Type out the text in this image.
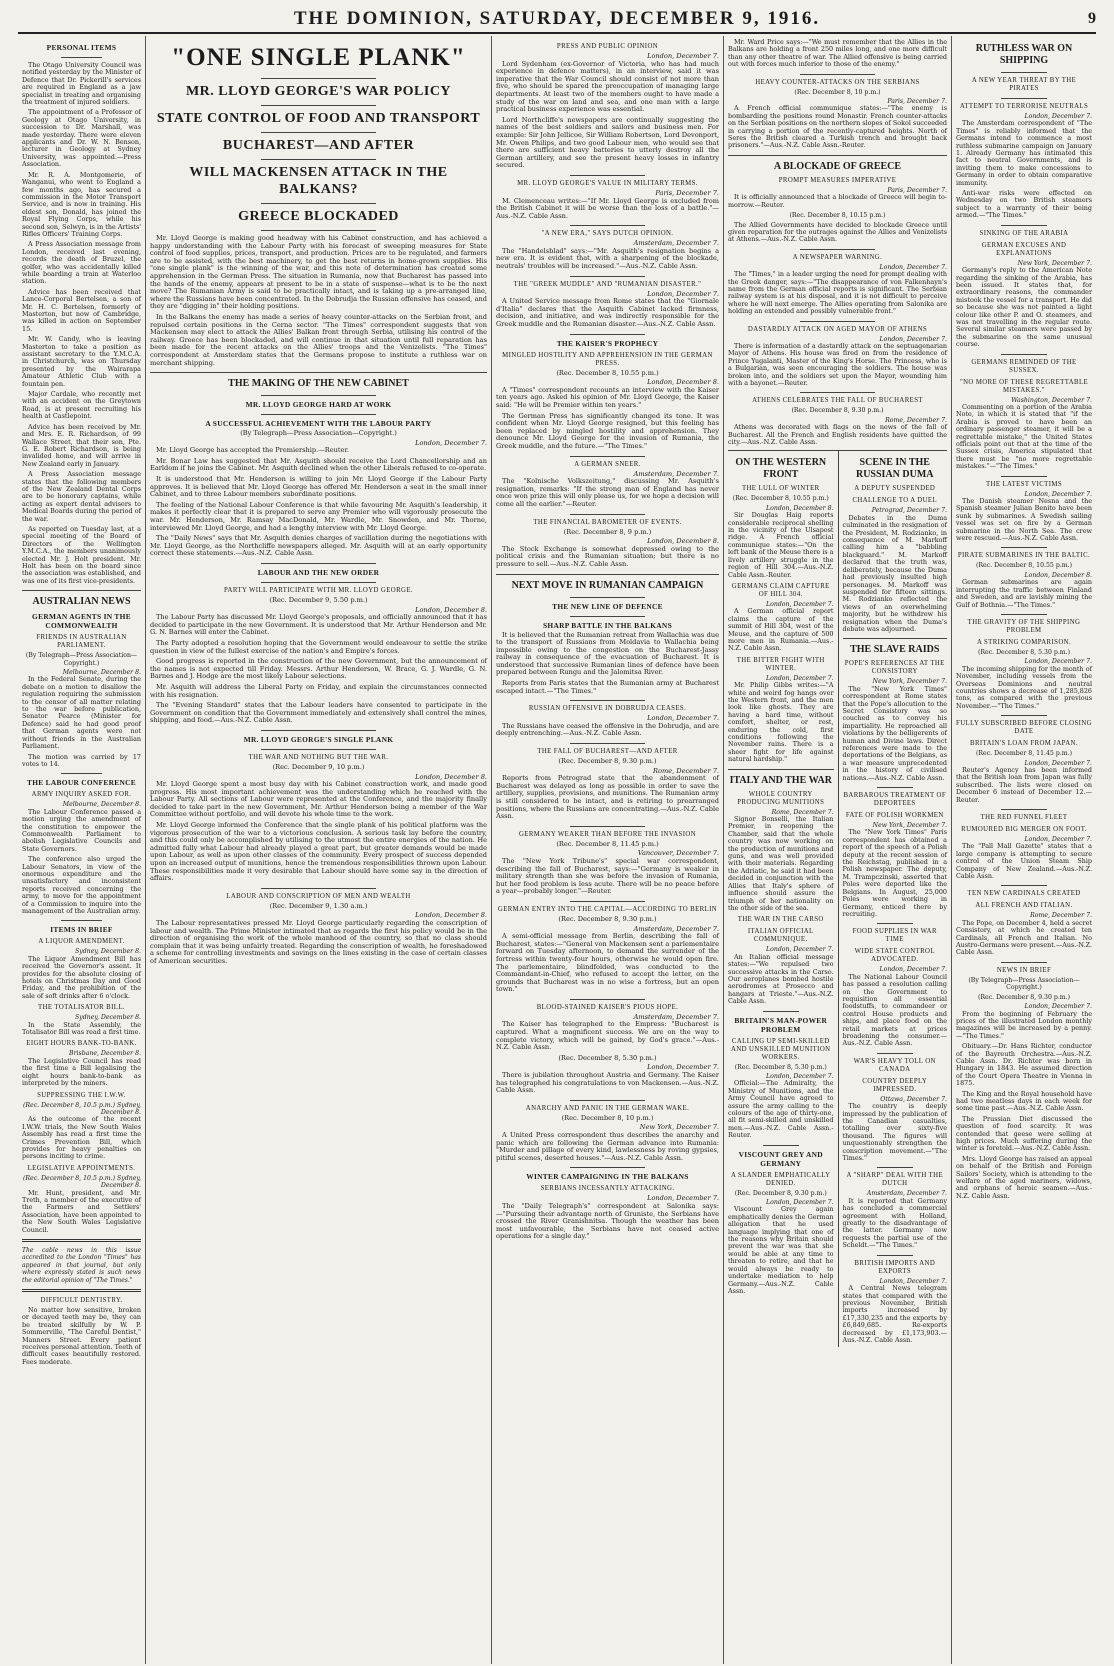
THE DOMINION, SATURDAY, DECEMBER 9, 1916.	9
PERSONAL ITEMS

The Otago University Council was notified yesterday by the Minister of Defence that Dr. Pickerill's services are required in England as a jaw specialist in treating and organising the treatment of injured soldiers.

The appointment of a Professor of Geology at Otago University, in succession to Dr. Marshall, was made yesterday. There were eleven applicants and Dr. W. N. Benson, lecturer in Geology at Sydney University, was appointed.—Press Association.

Mr. R. A. Montgomerie, of Wanganui, who went to England a few months ago, has secured a commission in the Motor Transport Service, and is now in training. His eldest son, Donald, has joined the Royal Flying Corps, while his second son, Selwyn, is in the Artists' Rifles Officers' Training Corps.

A Press Association message from London, received last evening, records the death of Bruzel, the golfer, who was accidentally killed while boarding a train at Waterloo station.

Advice has been received that Lance-Corporal Bertelsen, a son of Mr. H. C. Bertelsen, formerly of Masterton, but now of Cambridge, was killed in action on September 15.

Mr. W. Candy, who is leaving Masterton to take a position as assistant secretary to the Y.M.C.A. in Christchurch, was on Thursday presented by the Wairarapa Amateur Athletic Club with a fountain pen.

Major Cardale, who recently met with an accident on the Greytown Road, is at present recruiting his health at Castlepoint.

Advice has been received by Mr. and Mrs. E. R. Richardson, of 99 Wallace Street, that their son, Pte. G. E. Robert Richardson, is being invalided home, and will arrive in New Zealand early in January.

A Press Association message states that the following members of the New Zealand Dental Corps are to be honorary captains, while acting as expert dental advisers to Medical Boards during the period of the war.

As reported on Tuesday last, at a special meeting of the Board of Directors of the Wellington Y.M.C.A., the members unanimously elected Mr. J. Holt president. Mr. Holt has been on the board since the association was established, and was one of its first vice-presidents.

AUSTRALIAN NEWS
GERMAN AGENTS IN THE COMMONWEALTH
FRIENDS IN AUSTRALIAN PARLIAMENT.

(By Telegraph—Press Association—Copyright.)

Melbourne, December 8.

In the Federal Senate, during the debate on a motion to disallow the regulation requiring the submission to the censor of all matter relating to the war before publication, Senator Pearce (Minister for Defence) said he had good proof that German agents were not without friends in the Australian Parliament.

The motion was carried by 17 votes to 14.

THE LABOUR CONFERENCE
ARMY INQUIRY ASKED FOR.

Melbourne, December 8.

The Labour Conference passed a motion urging the amendment of the constitution to empower the Commonwealth Parliament to abolish Legislative Councils and State Governors.

The conference also urged the Labour Senators, in view of the enormous expenditure and the unsatisfactory and inconsistent reports received concerning the army, to move for the appointment of a Commission to inquire into the management of the Australian army.

ITEMS IN BRIEF
A LIQUOR AMENDMENT.

Sydney, December 8.

The Liquor Amendment Bill has received the Governor's assent. It provides for the absolute closing of hotels on Christmas Day and Good Friday, and the prohibition of the sale of soft drinks after 6 o'clock.

THE TOTALISATOR BILL.

Sydney, December 8.

In the State Assembly, the Totalisator Bill was read a first time.

EIGHT HOURS BANK-TO-BANK.

Brisbane, December 8.

The Legislative Council has read the first time a Bill legalising the eight hours bank-to-bank as interpreted by the miners.

SUPPRESSING THE I.W.W.

(Rec. December 8, 10.5 p.m.) Sydney, December 8.

As the outcome of the recent I.W.W. trials, the New South Wales Assembly has read a first time the Crimes Prevention Bill, which provides for heavy penalties on persons inciting to crime.

LEGISLATIVE APPOINTMENTS.

(Rec. December 8, 10.5 p.m.) Sydney, December 8.

Mr. Hunt, president, and Mr. Treth, a member of the executive of the Farmers and Settlers' Association, have been appointed to the New South Wales Legislative Council.

The cable news in this issue accredited to the London "Times" has appeared in that journal, but only where expressly stated is such news the editorial opinion of "The Times."

DIFFICULT DENTISTRY.

No matter how sensitive, broken or decayed teeth may be, they can be treated skilfully by W. P. Sommerville, "The Careful Dentist," Manners Street. Every patient receives personal attention. Teeth of difficult cases beautifully restored. Fees moderate.

"ONE SINGLE PLANK"
MR. LLOYD GEORGE'S WAR POLICY
STATE CONTROL OF FOOD AND TRANSPORT
BUCHAREST—AND AFTER
WILL MACKENSEN ATTACK IN THE BALKANS?
GREECE BLOCKADED

Mr. Lloyd George is making good headway with his Cabinet construction, and has achieved a happy understanding with the Labour Party with his forecast of sweeping measures for State control of food supplies, prices, transport, and production. Prices are to be regulated, and farmers are to be assisted, with the best machinery, to get the best returns in home-grown supplies. His "one single plank" is the winning of the war, and this note of determination has created some apprehension in the German Press. The situation in Rumania, now that Bucharest has passed into the hands of the enemy, appears at present to be in a state of suspense—what is to be the next move? The Rumanian Army is said to be practically intact, and is taking up a pre-arranged line, where the Russians have been concentrated. In the Dobrudja the Russian offensive has ceased, and they are "digging in" their holding positions.

In the Balkans the enemy has made a series of heavy counter-attacks on the Serbian front, and repulsed certain positions in the Cerna sector. "The Times" correspondent suggests that von Mackensen may elect to attack the Allies' Balkan front through Serbia, utilising his control of the railway. Greece has been blockaded, and will continue in that situation until full reparation has been made for the recent attacks on the Allies' troops and the Venizelists. "The Times" correspondent at Amsterdam states that the Germans propose to institute a ruthless war on merchant shipping.

THE MAKING OF THE NEW CABINET
MR. LLOYD GEORGE HARD AT WORK
A SUCCESSFUL ACHIEVEMENT WITH THE LABOUR PARTY

(By Telegraph—Press Association—Copyright.)

London, December 7.

Mr. Lloyd George has accepted the Premiership.—Reuter.

Mr. Bonar Law has suggested that Mr. Asquith should receive the Lord Chancellorship and an Earldom if he joins the Cabinet. Mr. Asquith declined when the other Liberals refused to co-operate.

It is understood that Mr. Henderson is willing to join Mr. Lloyd George if the Labour Party approves. It is believed that Mr. Lloyd George has offered Mr. Henderson a seat in the small inner Cabinet, and to three Labour members subordinate positions.

The feeling of the National Labour Conference is that while favouring Mr. Asquith's leadership, it makes it perfectly clear that it is prepared to serve any Premier who will vigorously prosecute the war. Mr. Henderson, Mr. Ramsay MacDonald, Mr. Wardle, Mr. Snowden, and Mr. Thorne, interviewed Mr. Lloyd George, and had a lengthy interview with Mr. Lloyd George.

The "Daily News" says that Mr. Asquith denies charges of vacillation during the negotiations with Mr. Lloyd George, as the Northcliffe newspapers alleged. Mr. Asquith will at an early opportunity correct these statements.—Aus.-N.Z. Cable Assn.

LABOUR AND THE NEW ORDER
PARTY WILL PARTICIPATE WITH MR. LLOYD GEORGE.

(Rec. December 9, 5.50 p.m.)

London, December 8.

The Labour Party has discussed Mr. Lloyd George's proposals, and officially announced that it has decided to participate in the new Government. It is understood that Mr. Arthur Henderson and Mr. G. N. Barnes will enter the Cabinet.

The Party adopted a resolution hoping that the Government would endeavour to settle the strike question in view of the fullest exercise of the nation's and Empire's forces.

Good progress is reported in the construction of the new Government, but the announcement of the names is not expected till Friday. Messrs. Arthur Henderson, W. Brace, G. J. Wardle, G. N. Barnes and J. Hodge are the most likely Labour selections.

Mr. Asquith will address the Liberal Party on Friday, and explain the circumstances connected with his resignation.

The "Evening Standard" states that the Labour leaders have consented to participate in the Government on condition that the Government immediately and extensively shall control the mines, shipping, and food.—Aus.-N.Z. Cable Assn.

MR. LLOYD GEORGE'S SINGLE PLANK
THE WAR AND NOTHING BUT THE WAR.

(Rec. December 9, 10 p.m.)

London, December 8.

Mr. Lloyd George spent a most busy day with his Cabinet construction work, and made good progress. His most important achievement was the understanding which he reached with the Labour Party. All sections of Labour were represented at the Conference, and the majority finally decided to take part in the new Government, Mr. Arthur Henderson being a member of the War Committee without portfolio, and will devote his whole time to the work.

Mr. Lloyd George informed the Conference that the single plank of his political platform was the vigorous prosecution of the war to a victorious conclusion. A serious task lay before the country, and this could only be accomplished by utilising to the utmost the entire energies of the nation. He admitted fully what Labour had already played a great part, but greater demands would be made upon Labour, as well as upon other classes of the community. Every prospect of success depended upon an increased output of munitions, hence the tremendous responsibilities thrown upon Labour. These responsibilities made it very desirable that Labour should have some say in the direction of affairs.

LABOUR AND CONSCRIPTION OF MEN AND WEALTH

(Rec. December 9, 1.30 a.m.)

London, December 8.

The Labour representatives pressed Mr. Lloyd George particularly regarding the conscription of labour and wealth. The Prime Minister intimated that as regards the first his policy would be in the direction of organising the work of the whole manhood of the country, so that no class should complain that it was being unfairly treated. Regarding the conscription of wealth, he foreshadowed a scheme for controlling investments and savings on the lines existing in the case of certain classes of American securities.

PRESS AND PUBLIC OPINION

London, December 7.

Lord Sydenham (ex-Governor of Victoria, who has had much experience in defence matters), in an interview, said it was imperative that the War Council should consist of not more than five, who should be spared the preoccupation of managing large departments. At least two of the members ought to have made a study of the war on land and sea, and one man with a large practical business experience was essential.

Lord Northcliffe's newspapers are continually suggesting the names of the best soldiers and sailors and business men. For example: Sir John Jellicoe, Sir William Robertson, Lord Devonport, Mr. Owen Philips, and two good Labour men, who would see that there are sufficient heavy batteries to utterly destroy all the German artillery, and see the present heavy losses in infantry secured.

MR. LLOYD GEORGE'S VALUE IN MILITARY TERMS.

Paris, December 7.

M. Clemenceau writes:—"If Mr. Lloyd George is excluded from the British Cabinet it will be worse than the loss of a battle."—Aus.-N.Z. Cable Assn.

"A NEW ERA," SAYS DUTCH OPINION.

Amsterdam, December 7.

The "Handelsblad" says:—"Mr. Asquith's resignation begins a new era. It is evident that, with a sharpening of the blockade, neutrals' troubles will be increased."—Aus.-N.Z. Cable Assn.

THE "GREEK MUDDLE" AND "RUMANIAN DISASTER."

London, December 7.

A United Service message from Rome states that the "Giornale d'Italia" declares that the Asquith Cabinet lacked firmness, decision, and initiative, and was indirectly responsible for the Greek muddle and the Rumanian disaster.—Aus.-N.Z. Cable Assn.

THE KAISER'S PROPHECY
MINGLED HOSTILITY AND APPREHENSION IN THE GERMAN PRESS.

(Rec. December 8, 10.55 p.m.)

London, December 8.

A "Times" correspondent recounts an interview with the Kaiser ten years ago. Asked his opinion of Mr. Lloyd George, the Kaiser said: "He will be Premier within ten years."

The German Press has significantly changed its tone. It was confident when Mr. Lloyd George resigned, but this feeling has been replaced by mingled hostility and apprehension. They denounce Mr. Lloyd George for the invasion of Rumania, the Greek muddle, and the future.—"The Times."

A GERMAN SNEER.

Amsterdam, December 7.

The "Kolnische Volkszeitung," discussing Mr. Asquith's resignation, remarks: "If the strong man of England has never once won prize this will only please us, for we hope a decision will come all the earlier."—Reuter.

THE FINANCIAL BAROMETER OF EVENTS.

(Rec. December 8, 9 p.m.)

London, December 8.

The Stock Exchange is somewhat depressed owing to the political crisis and the Rumanian situation; but there is no pressure to sell.—Aus.-N.Z. Cable Assn.

NEXT MOVE IN RUMANIAN CAMPAIGN
THE NEW LINE OF DEFENCE
SHARP BATTLE IN THE BALKANS

It is believed that the Rumanian retreat from Wallachia was due to the transport of Russians from Moldavia to Wallachia being impossible owing to the congestion on the Bucharest-Jassy railway in consequence of the evacuation of Bucharest. It is understood that successive Rumanian lines of defence have been prepared between Rungu and the Jalomitsa River.

Reports from Paris states that the Rumanian army at Bucharest escaped intact.—"The Times."

RUSSIAN OFFENSIVE IN DOBRUDJA CEASES.

London, December 7.

The Russians have ceased the offensive in the Dobrudja, and are deeply entrenching.—Aus.-N.Z. Cable Assn.

THE FALL OF BUCHAREST—AND AFTER

(Rec. December 8, 9.30 p.m.)

Rome, December 7.

Reports from Petrograd state that the abandonment of Bucharest was delayed as long as possible in order to save the artillery, supplies, provisions, and munitions. The Rumanian army is still considered to be intact, and is retiring to prearranged positions, where the Russians are concentrating.—Aus.-N.Z. Cable Assn.

GERMANY WEAKER THAN BEFORE THE INVASION

(Rec. December 8, 11.45 p.m.)

Vancouver, December 7.

The "New York Tribune's" special war correspondent, describing the fall of Bucharest, says:—"Germany is weaker in military strength than she was before the invasion of Rumania, but her food problem is less acute. There will be no peace before a year—probably longer."—Reuter.

GERMAN ENTRY INTO THE CAPITAL—ACCORDING TO BERLIN

(Rec. December 8, 9.30 p.m.)

Amsterdam, December 7.

A semi-official message from Berlin, describing the fall of Bucharest, states:—"General von Mackensen sent a parlementaire forward on Tuesday afternoon, to demand the surrender of the fortress within twenty-four hours, otherwise he would open fire. The parlementaire, blindfolded, was conducted to the Commandant-in-Chief, who refused to accept the letter, on the grounds that Bucharest was in no wise a fortress, but an open town."

BLOOD-STAINED KAISER'S PIOUS HOPE.

Amsterdam, December 7.

The Kaiser has telegraphed to the Empress: "Bucharest is captured. What a magnificent success. We are on the way to complete victory, which will be gained, by God's grace."—Aus.-N.Z. Cable Assn.

(Rec. December 8, 5.30 p.m.)

London, December 7.

There is jubilation throughout Austria and Germany. The Kaiser has telegraphed his congratulations to von Mackensen.—Aus.-N.Z. Cable Assn.

ANARCHY AND PANIC IN THE GERMAN WAKE.

(Rec. December 8, 10 p.m.)

New York, December 7.

A United Press correspondent thus describes the anarchy and panic which are following the German advance into Rumania: "Murder and pillage of every kind, lawlessness by roving gypsies, pitiful scenes, deserted houses."—Aus.-N.Z. Cable Assn.

WINTER CAMPAIGNING IN THE BALKANS
SERBIANS INCESSANTLY ATTACKING.

London, December 7.

The "Daily Telegraph's" correspondent at Salonika says:—"Pursuing their advantage north of Gruniste, the Serbians have crossed the River Granishnitsa. Though the weather has been most unfavourable, the Serbians have not ceased active operations for a single day."

Mr. Ward Price says:—"We must remember that the Allies in the Balkans are holding a front 250 miles long, and one more difficult than any other theatre of war. The Allied offensive is being carried out with forces much inferior to those of the enemy."

HEAVY COUNTER-ATTACKS ON THE SERBIANS

(Rec. December 8, 10 p.m.)

Paris, December 7.

A French official communique states:—"The enemy is bombarding the positions round Monastir. French counter-attacks on the Serbian positions on the northern slopes of Sokol succeeded in carrying a portion of the recently-captured heights. North of Seres the British cleared a Turkish trench and brought back prisoners."—Aus.-N.Z. Cable Assn.-Reuter.

A BLOCKADE OF GREECE
PROMPT MEASURES IMPERATIVE

Paris, December 7.

It is officially announced that a blockade of Greece will begin to-morrow.—Reuter.

(Rec. December 8, 10.15 p.m.)

The Allied Governments have decided to blockade Greece until given reparation for the outrages against the Allies and Venizelists at Athens.—Aus.-N.Z. Cable Assn.

A NEWSPAPER WARNING.

London, December 7.

The "Times," in a leader urging the need for prompt dealing with the Greek danger, says:—"The disappearance of von Falkenhayn's name from the German official reports is significant. The Serbian railway system is at his disposal, and it is not difficult to perceive where he will next emerge. The Allies operating from Salonika are holding an extended and possibly vulnerable front."

DASTARDLY ATTACK ON AGED MAYOR OF ATHENS

London, December 7.

There is information of a dastardly attack on the septuagenarian Mayor of Athens. His house was fired on from the residence of Prince Yugalanti, Master of the King's Horse. The Princess, who is a Bulgarian, was seen encouraging the soldiers. The house was broken into, and the soldiers set upon the Mayor, wounding him with a bayonet.—Reuter.

ATHENS CELEBRATES THE FALL OF BUCHAREST

(Rec. December 8, 9.30 p.m.)

Rome, December 7.

Athens was decorated with flags on the news of the fall of Bucharest. All the French and English residents have quitted the city.—Aus.-N.Z. Cable Assn.

ON THE WESTERN FRONT
THE LULL OF WINTER

(Rec. December 8, 10.55 p.m.)

London, December 8.

Sir Douglas Haig reports considerable reciprocal shelling in the vicinity of the Ulsapost ridge. A French official communique states:—"On the left bank of the Meuse there is a lively artillery struggle in the region of Hill 304.—Aus.-N.Z. Cable Assn.-Reuter.

GERMANS CLAIM CAPTURE OF HILL 304.

London, December 7.

A German official report claims the capture of the summit of Hill 304, west of the Meuse, and the capture of 500 more men in Rumania.—Aus.-N.Z. Cable Assn.

THE BITTER FIGHT WITH WINTER.

London, December 7.

Mr. Philip Gibbs writes:—"A white and weird fog hangs over the Western front, and the men look like ghosts. They are having a hard time, without comfort, shelter, or rest, enduring the cold, first conditions following the November rains. There is a sheer fight for life against natural hardship."

ITALY AND THE WAR
WHOLE COUNTRY PRODUCING MUNITIONS

Rome, December 7.

Signor Bonselli, the Italian Premier, in reopening the Chamber, said that the whole country was now working on the production of munitions and guns, and was well provided with their materials. Regarding the Adriatic, he said it had been decided in conjunction with the Allies that Italy's sphere of influence should assure the triumph of her nationality on the other side of the sea.

THE WAR IN THE CARSO
ITALIAN OFFICIAL COMMUNIQUE.

London, December 7.

An Italian official message states:—"We repulsed two successive attacks in the Carso. Our aeroplanes bombed hostile aerodromes at Prosecco and hangars at Trieste."—Aus.-N.Z. Cable Assn.

BRITAIN'S MAN-POWER PROBLEM
CALLING UP SEMI-SKILLED AND UNSKILLED MUNITION WORKERS.

(Rec. December 8, 5.30 p.m.)

London, December 7.

Official:—The Admiralty, the Ministry of Munitions, and the Army Council have agreed to assure the army calling to the colours of the age of thirty-one, all fit semi-skilled and unskilled men.—Aus.-N.Z. Cable Assn.-Reuter.

VISCOUNT GREY AND GERMANY
A SLANDER EMPHATICALLY DENIED.

(Rec. December 8, 9.30 p.m.)

London, December 7.

Viscount Grey again emphatically denies the German allegation that he used language implying that one of the reasons why Britain should prevent the war was that she would be able at any time to threaten to retire, and that he would always be ready to undertake mediation to help Germany.—Aus.-N.Z. Cable Assn.

SCENE IN THE RUSSIAN DUMA
A DEPUTY SUSPENDED
CHALLENGE TO A DUEL

Petrograd, December 7.

Debates in the Duma culminated in the resignation of the President, M. Rodzianko, in consequence of M. Markoff calling him a "babbling blackguard." M. Markoff declared that the truth was, deliberately, because the Duma had previously insulted high personages. M. Markoff was suspended for fifteen sittings. M. Rodzianko reflected the views of an overwhelming majority, but he withdrew his resignation when the Duma's debate was adjourned.

THE SLAVE RAIDS
POPE'S REFERENCES AT THE CONSISTORY

New York, December 7.

The "New York Times" correspondent at Rome states that the Pope's allocution to the Secret Consistory was so couched as to convey his impartiality. He reproached all violations by the belligerents of human and Divine laws. Direct references were made to the deportations of the Belgians, as a war measure unprecedented in the history of civilised nations.—Aus.-N.Z. Cable Assn.

BARBAROUS TREATMENT OF DEPORTEES
FATE OF POLISH WORKMEN

New York, December 7.

The "New York Times" Paris correspondent has obtained a report of the speech of a Polish deputy at the recent session of the Reichstag, published in a Polish newspaper. The deputy, M. Trampczinski, asserted that Poles were deported like the Belgians. In August, 25,000 Poles were working in Germany, enticed there by recruiting.

FOOD SUPPLIES IN WAR TIME
WIDE STATE CONTROL ADVOCATED.

London, December 7.

The National Labour Council has passed a resolution calling on the Government to requisition all essential foodstuffs, to commandeer or control House products and ships, and place food on the retail markets at prices broadening the consumer.—Aus.-N.Z. Cable Assn.

WAR'S HEAVY TOLL ON CANADA
COUNTRY DEEPLY IMPRESSED.

Ottawa, December 7.

The country is deeply impressed by the publication of the Canadian casualties, totalling over sixty-five thousand. The figures will unquestionably strengthen the conscription movement.—"The Times."

A "SHARP" DEAL WITH THE DUTCH

Amsterdam, December 7.

It is reported that Germany has concluded a commercial agreement with Holland, greatly to the disadvantage of the latter. Germany now requests the partial use of the Scheldt.—"The Times."

BRITISH IMPORTS AND EXPORTS

London, December 7.

A Central News telegram states that compared with the previous November, British imports increased by £17,330,235 and the exports by £6,849,685. Re-exports decreased by £1,173,903.—Aus.-N.Z. Cable Assn.

RUTHLESS WAR ON SHIPPING
A NEW YEAR THREAT BY THE PIRATES
ATTEMPT TO TERRORISE NEUTRALS

London, December 7.

The Amsterdam correspondent of "The Times" is reliably informed that the Germans intend to commence a most ruthless submarine campaign on January 1. Already Germany has intimated this fact to neutral Governments, and is inviting them to make concessions to Germany in order to obtain comparative immunity.

Anti-war risks were effected on Wednesday on two British steamers subject to a warranty of their being armed.—"The Times."

SINKING OF THE ARABIA
GERMAN EXCUSES AND EXPLANATIONS

New York, December 7.

Germany's reply to the American Note regarding the sinking of the Arabia, has been issued. It states that, for extraordinary reasons, the commander mistook the vessel for a transport. He did so because she was not painted a light colour like other P. and O. steamers, and was not travelling in the regular route. Several similar steamers were passed by the submarine on the same unusual course.

GERMANS REMINDED OF THE SUSSEX.
"NO MORE OF THESE REGRETTABLE MISTAKES."

Washington, December 7.

Commenting on a portion of the Arabia Note, in which it is stated that "if the Arabia is proved to have been an ordinary passenger steamer, it will be a regrettable mistake," the United States officials point out that at the time of the Sussex crisis, America stipulated that there must be "no more regrettable mistakes."—"The Times."

THE LATEST VICTIMS

London, December 7.

The Danish steamer Nesna and the Spanish steamer Julian Benito have been sunk by submarines. A Swedish sailing vessel was set on fire by a German submarine in the North Sea. The crew were rescued.—Aus.-N.Z. Cable Assn.

PIRATE SUBMARINES IN THE BALTIC.

(Rec. December 8, 10.55 p.m.)

London, December 8.

German submarines are again interrupting the traffic between Finland and Sweden, and are lavishly mining the Gulf of Bothnia.—"The Times."

THE GRAVITY OF THE SHIPPING PROBLEM
A STRIKING COMPARISON.

(Rec. December 8, 5.30 p.m.)

London, December 7.

The incoming shipping for the month of November, including vessels from the Overseas Dominions and neutral countries shows a decrease of 1,285,826 tons, as compared with the previous November.—"The Times."

FULLY SUBSCRIBED BEFORE CLOSING DATE
BRITAIN'S LOAN FROM JAPAN.

(Rec. December 8, 11.45 p.m.)

London, December 7.

Reuter's Agency has been informed that the British loan from Japan was fully subscribed. The lists were closed on December 6 instead of December 12.—Reuter.

THE RED FUNNEL FLEET
RUMOURED BIG MERGER ON FOOT.

London, December 7.

The "Pall Mall Gazette" states that a large company is attempting to secure control of the Union Steam Ship Company of New Zealand.—Aus.-N.Z. Cable Assn.

TEN NEW CARDINALS CREATED
ALL FRENCH AND ITALIAN.

Rome, December 7.

The Pope, on December 4, held a secret Consistory, at which he created ten Cardinals, all French and Italian. No Austro-Germans were present.—Aus.-N.Z. Cable Assn.

NEWS IN BRIEF

(By Telegraph—Press Association—Copyright.)

(Rec. December 8, 9.30 p.m.)

London, December 7.

From the beginning of February the prices of the illustrated London monthly magazines will be increased by a penny.—"The Times."

Obituary.—Dr. Hans Richter, conductor of the Bayreuth Orchestra.—Aus.-N.Z. Cable Assn. Dr. Richter was born in Hungary in 1843. He assumed direction of the Court Opera Theatre in Vienna in 1875.

The King and the Royal household have had two meatless days in each week for some time past.—Aus.-N.Z. Cable Assn.

The Prussian Diet discussed the question of food scarcity. It was contended that geese were selling at high prices. Much suffering during the winter is foretold.—Aus.-N.Z. Cable Assn.

Mrs. Lloyd George has raised an appeal on behalf of the British and Foreign Sailors' Society, which is attending to the welfare of the aged mariners, widows, and orphans of heroic seamen.—Aus.-N.Z. Cable Assn.
